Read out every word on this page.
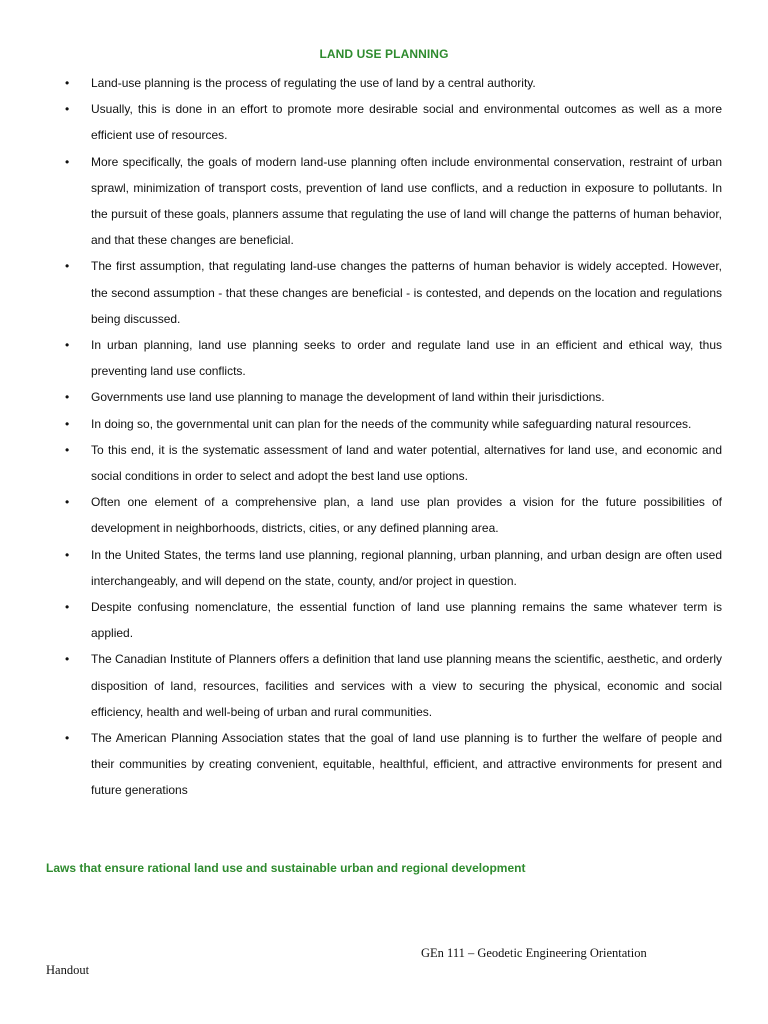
LAND USE PLANNING
• Land-use planning is the process of regulating the use of land by a central authority.
• Usually, this is done in an effort to promote more desirable social and environmental outcomes as well as a more efficient use of resources.
• More specifically, the goals of modern land-use planning often include environmental conservation, restraint of urban sprawl, minimization of transport costs, prevention of land use conflicts, and a reduction in exposure to pollutants. In the pursuit of these goals, planners assume that regulating the use of land will change the patterns of human behavior, and that these changes are beneficial.
• The first assumption, that regulating land-use changes the patterns of human behavior is widely accepted. However, the second assumption - that these changes are beneficial - is contested, and depends on the location and regulations being discussed.
• In urban planning, land use planning seeks to order and regulate land use in an efficient and ethical way, thus preventing land use conflicts.
• Governments use land use planning to manage the development of land within their jurisdictions.
• In doing so, the governmental unit can plan for the needs of the community while safeguarding natural resources.
• To this end, it is the systematic assessment of land and water potential, alternatives for land use, and economic and social conditions in order to select and adopt the best land use options.
• Often one element of a comprehensive plan, a land use plan provides a vision for the future possibilities of development in neighborhoods, districts, cities, or any defined planning area.
• In the United States, the terms land use planning, regional planning, urban planning, and urban design are often used interchangeably, and will depend on the state, county, and/or project in question.
• Despite confusing nomenclature, the essential function of land use planning remains the same whatever term is applied.
• The Canadian Institute of Planners offers a definition that land use planning means the scientific, aesthetic, and orderly disposition of land, resources, facilities and services with a view to securing the physical, economic and social efficiency, health and well-being of urban and rural communities.
• The American Planning Association states that the goal of land use planning is to further the welfare of people and their communities by creating convenient, equitable, healthful, efficient, and attractive environments for present and future generations
Laws that ensure rational land use and sustainable urban and regional development
GEn 111 – Geodetic Engineering Orientation
Handout
